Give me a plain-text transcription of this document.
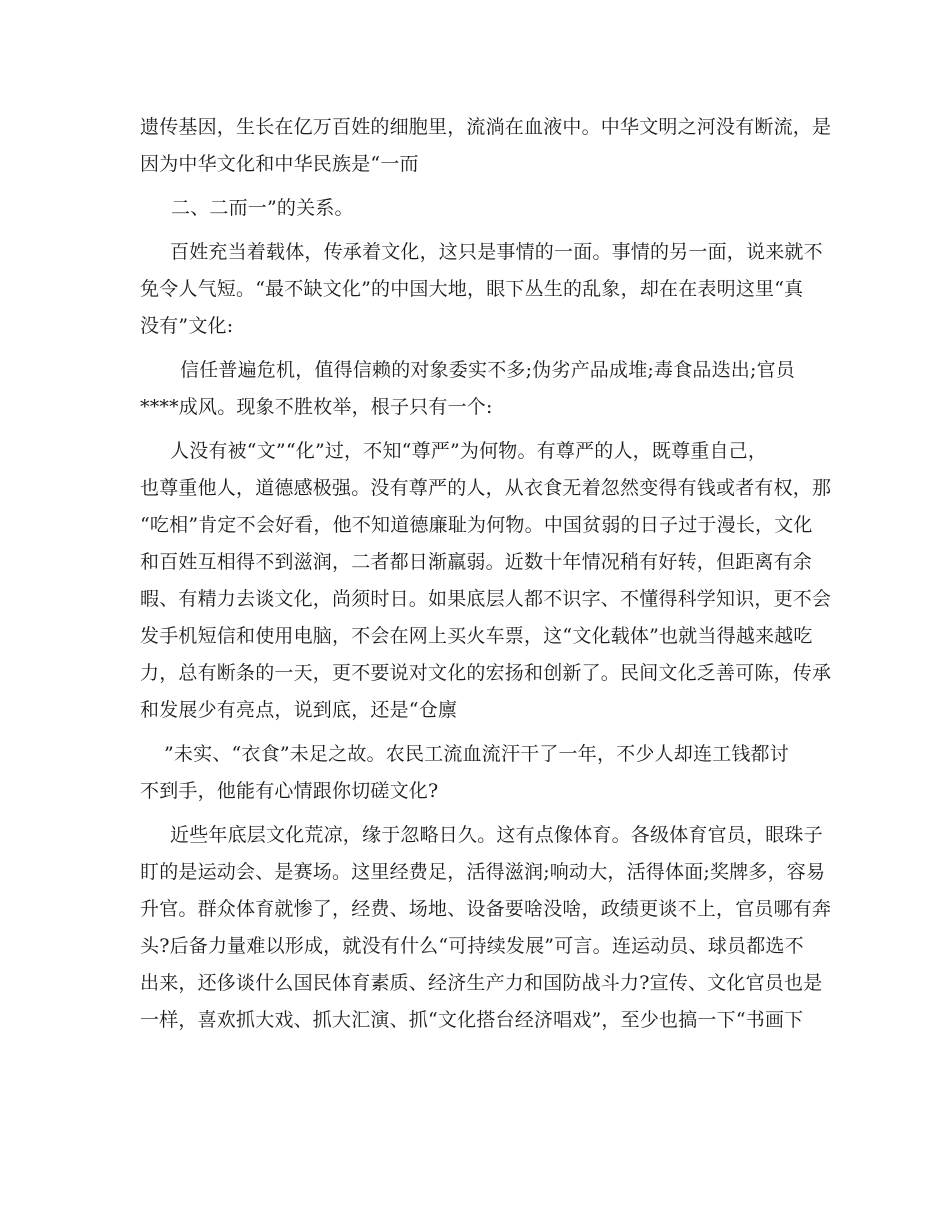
遗传基因，生长在亿万百姓的细胞里，流淌在血液中。中华文明之河没有断流，是
因为中华文化和中华民族是“一而
二、二而一”的关系。
百姓充当着载体，传承着文化，这只是事情的一面。事情的另一面，说来就不
免令人气短。“最不缺文化”的中国大地，眼下丛生的乱象，却在在表明这里“真
没有”文化:
信任普遍危机，值得信赖的对象委实不多;伪劣产品成堆;毒食品迭出;官员
****成风。现象不胜枚举，根子只有一个:
人没有被“文”“化”过，不知“尊严”为何物。有尊严的人，既尊重自己，
也尊重他人，道德感极强。没有尊严的人，从衣食无着忽然变得有钱或者有权，那
“吃相”肯定不会好看，他不知道德廉耻为何物。中国贫弱的日子过于漫长，文化
和百姓互相得不到滋润，二者都日渐羸弱。近数十年情况稍有好转，但距离有余
暇、有精力去谈文化，尚须时日。如果底层人都不识字、不懂得科学知识，更不会
发手机短信和使用电脑，不会在网上买火车票，这“文化载体”也就当得越来越吃
力，总有断条的一天，更不要说对文化的宏扬和创新了。民间文化乏善可陈，传承
和发展少有亮点，说到底，还是“仓廪
”未实、“衣食”未足之故。农民工流血流汗干了一年，不少人却连工钱都讨
不到手，他能有心情跟你切磋文化?
近些年底层文化荒凉，缘于忽略日久。这有点像体育。各级体育官员，眼珠子
盯的是运动会、是赛场。这里经费足，活得滋润;响动大，活得体面;奖牌多，容易
升官。群众体育就惨了，经费、场地、设备要啥没啥，政绩更谈不上，官员哪有奔
头?后备力量难以形成，就没有什么“可持续发展”可言。连运动员、球员都选不
出来，还侈谈什么国民体育素质、经济生产力和国防战斗力?宣传、文化官员也是
一样，喜欢抓大戏、抓大汇演、抓“文化搭台经济唱戏”，至少也搞一下“书画下
